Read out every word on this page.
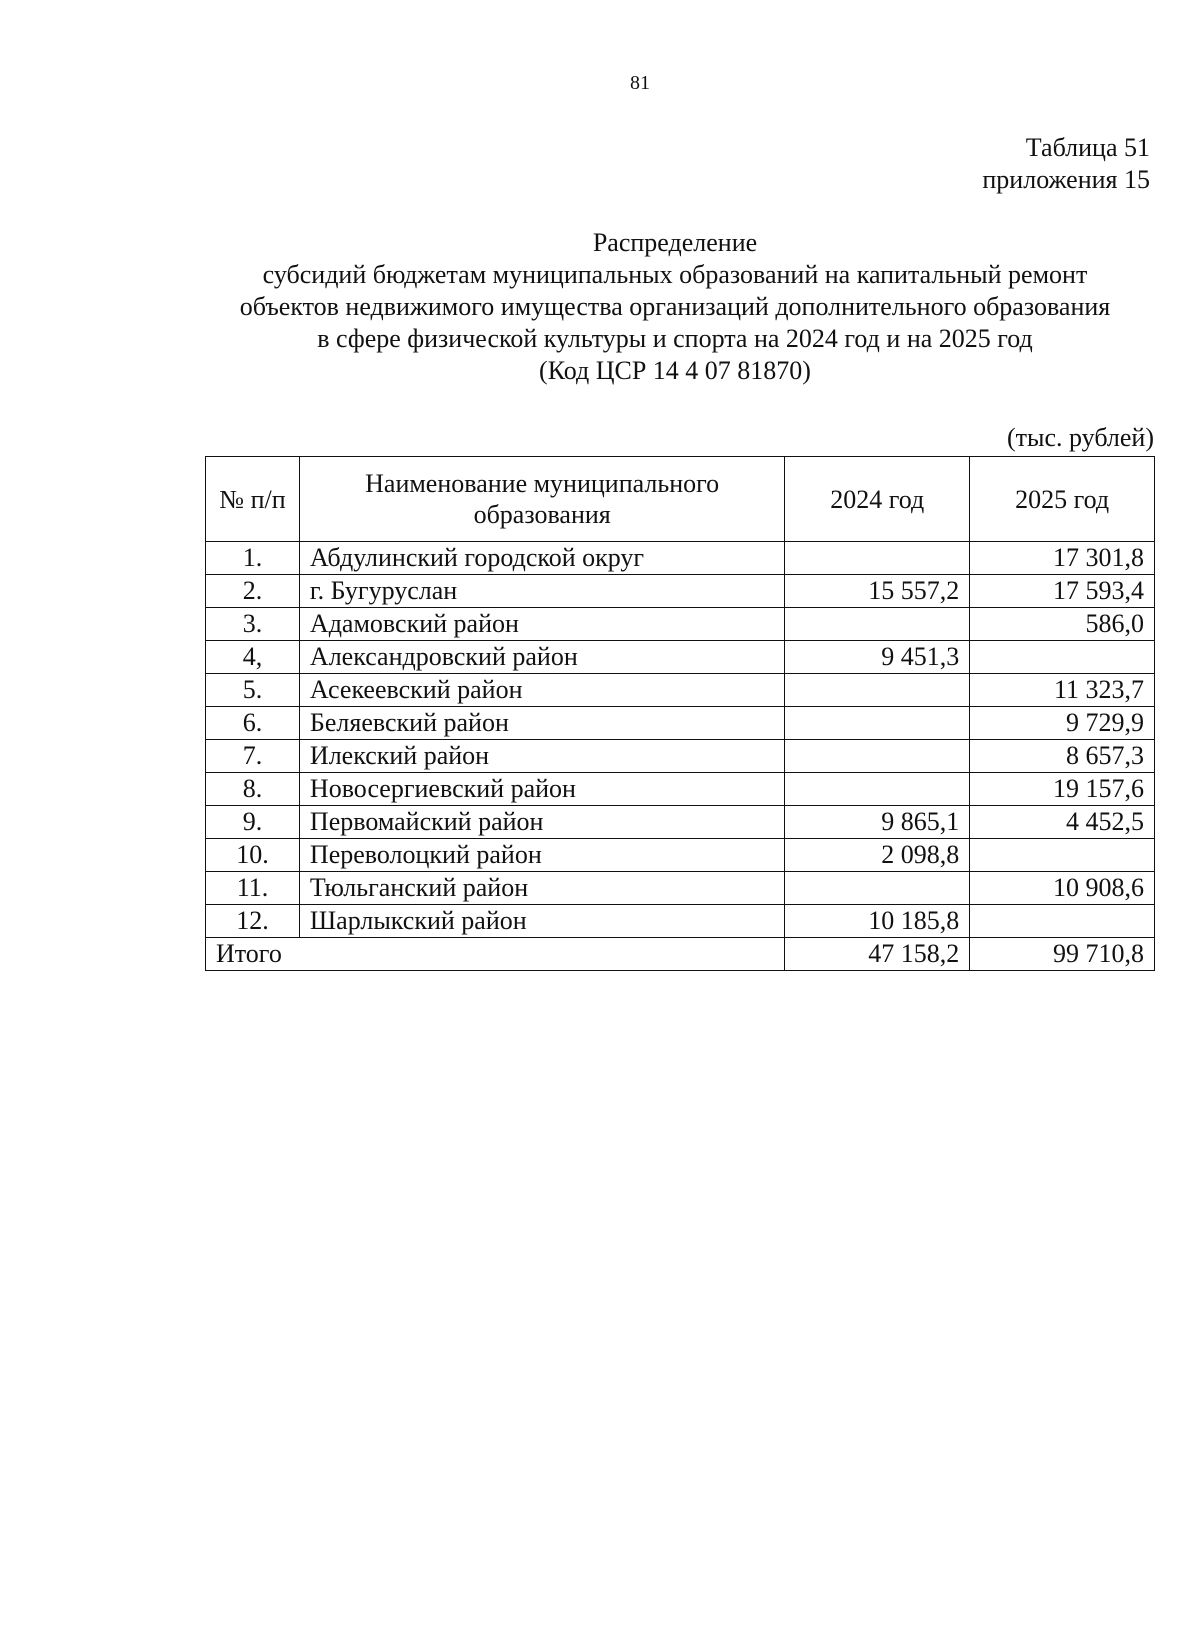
81
Таблица 51
приложения 15
Распределение
субсидий бюджетам муниципальных образований на капитальный ремонт
объектов недвижимого имущества организаций дополнительного образования
в сфере физической культуры и спорта на 2024 год и на 2025 год
(Код ЦСР 14 4 07 81870)
(тыс. рублей)
№ п/п	Наименование муниципального образования	2024 год	2025 год
1.	Абдулинский городской округ		17 301,8
2.	г. Бугуруслан	15 557,2	17 593,4
3.	Адамовский район		586,0
4,	Александровский район	9 451,3	
5.	Асекеевский район		11 323,7
6.	Беляевский район		9 729,9
7.	Илекский район		8 657,3
8.	Новосергиевский район		19 157,6
9.	Первомайский район	9 865,1	4 452,5
10.	Переволоцкий район	2 098,8	
11.	Тюльганский район		10 908,6
12.	Шарлыкский район	10 185,8	
Итого		47 158,2	99 710,8
